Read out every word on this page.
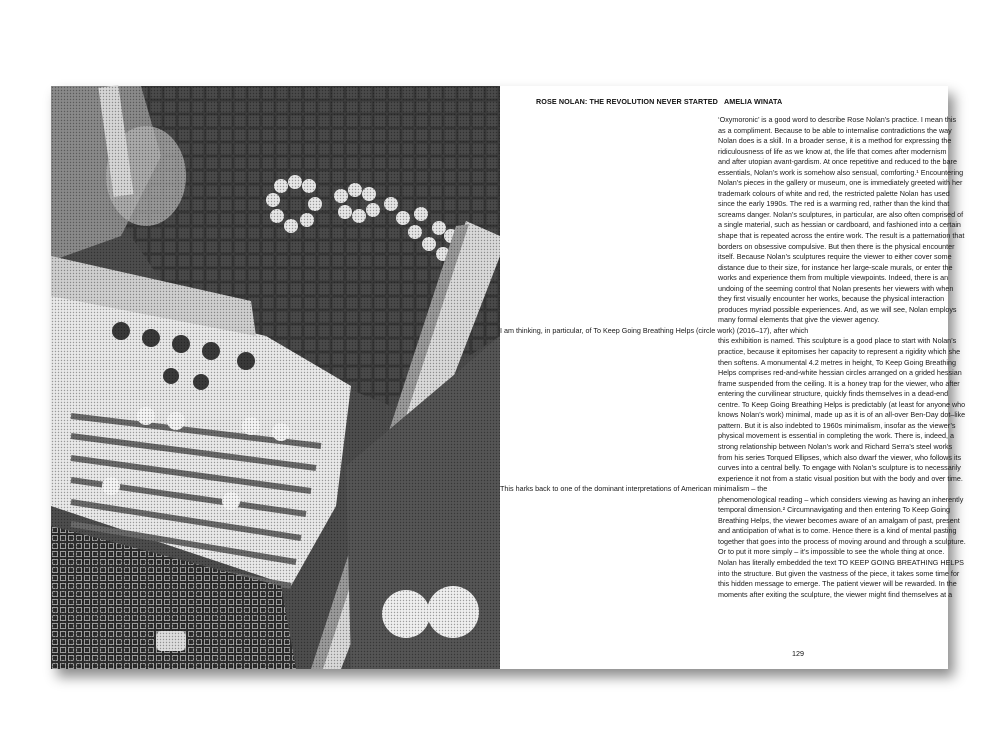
ROSE
ROSE NOLAN: THE REVOLUTION NEVER STARTED AMELIA WINATA
‘Oxymoronic’ is a good word to describe Rose Nolan’s practice. I mean this
as a compliment. Because to be able to internalise contradictions the way
Nolan does is a skill. In a broader sense, it is a method for expressing the
ridiculousness of life as we know at, the life that comes after modernism
and after utopian avant-gardism. At once repetitive and reduced to the bare
essentials, Nolan’s work is somehow also sensual, comforting.¹ Encountering
Nolan’s pieces in the gallery or museum, one is immediately greeted with her
trademark colours of white and red, the restricted palette Nolan has used
since the early 1990s. The red is a warming red, rather than the kind that
screams danger. Nolan’s sculptures, in particular, are also often comprised of
a single material, such as hessian or cardboard, and fashioned into a certain
shape that is repeated across the entire work. The result is a patternation that
borders on obsessive compulsive. But then there is the physical encounter
itself. Because Nolan’s sculptures require the viewer to either cover some
distance due to their size, for instance her large-scale murals, or enter the
works and experience them from multiple viewpoints. Indeed, there is an
undoing of the seeming control that Nolan presents her viewers with when
they first visually encounter her works, because the physical interaction
produces myriad possible experiences. And, as we will see, Nolan employs
many formal elements that give the viewer agency.
I am thinking, in particular, of To Keep Going Breathing Helps (circle work) (2016–17), after which
this exhibition is named. This sculpture is a good place to start with Nolan’s
practice, because it epitomises her capacity to represent a rigidity which she
then softens. A monumental 4.2 metres in height, To Keep Going Breathing
Helps comprises red-and-white hessian circles arranged on a grided hessian
frame suspended from the ceiling. It is a honey trap for the viewer, who after
entering the curvilinear structure, quickly finds themselves in a dead-end
centre. To Keep Going Breathing Helps is predictably (at least for anyone who
knows Nolan’s work) minimal, made up as it is of an all-over Ben-Day dot–like
pattern. But it is also indebted to 1960s minimalism, insofar as the viewer’s
physical movement is essential in completing the work. There is, indeed, a
strong relationship between Nolan’s work and Richard Serra’s steel works
from his series Torqued Ellipses, which also dwarf the viewer, who follows its
curves into a central belly. To engage with Nolan’s sculpture is to necessarily
experience it not from a static visual position but with the body and over time.
This harks back to one of the dominant interpretations of American minimalism – the
phenomenological reading – which considers viewing as having an inherently
temporal dimension.² Circumnavigating and then entering To Keep Going
Breathing Helps, the viewer becomes aware of an amalgam of past, present
and anticipation of what is to come. Hence there is a kind of mental pasting
together that goes into the process of moving around and through a sculpture.
Or to put it more simply – it’s impossible to see the whole thing at once.
Nolan has literally embedded the text TO KEEP GOING BREATHING HELPS
into the structure. But given the vastness of the piece, it takes some time for
this hidden message to emerge. The patient viewer will be rewarded. In the
moments after exiting the sculpture, the viewer might find themselves at a
129
